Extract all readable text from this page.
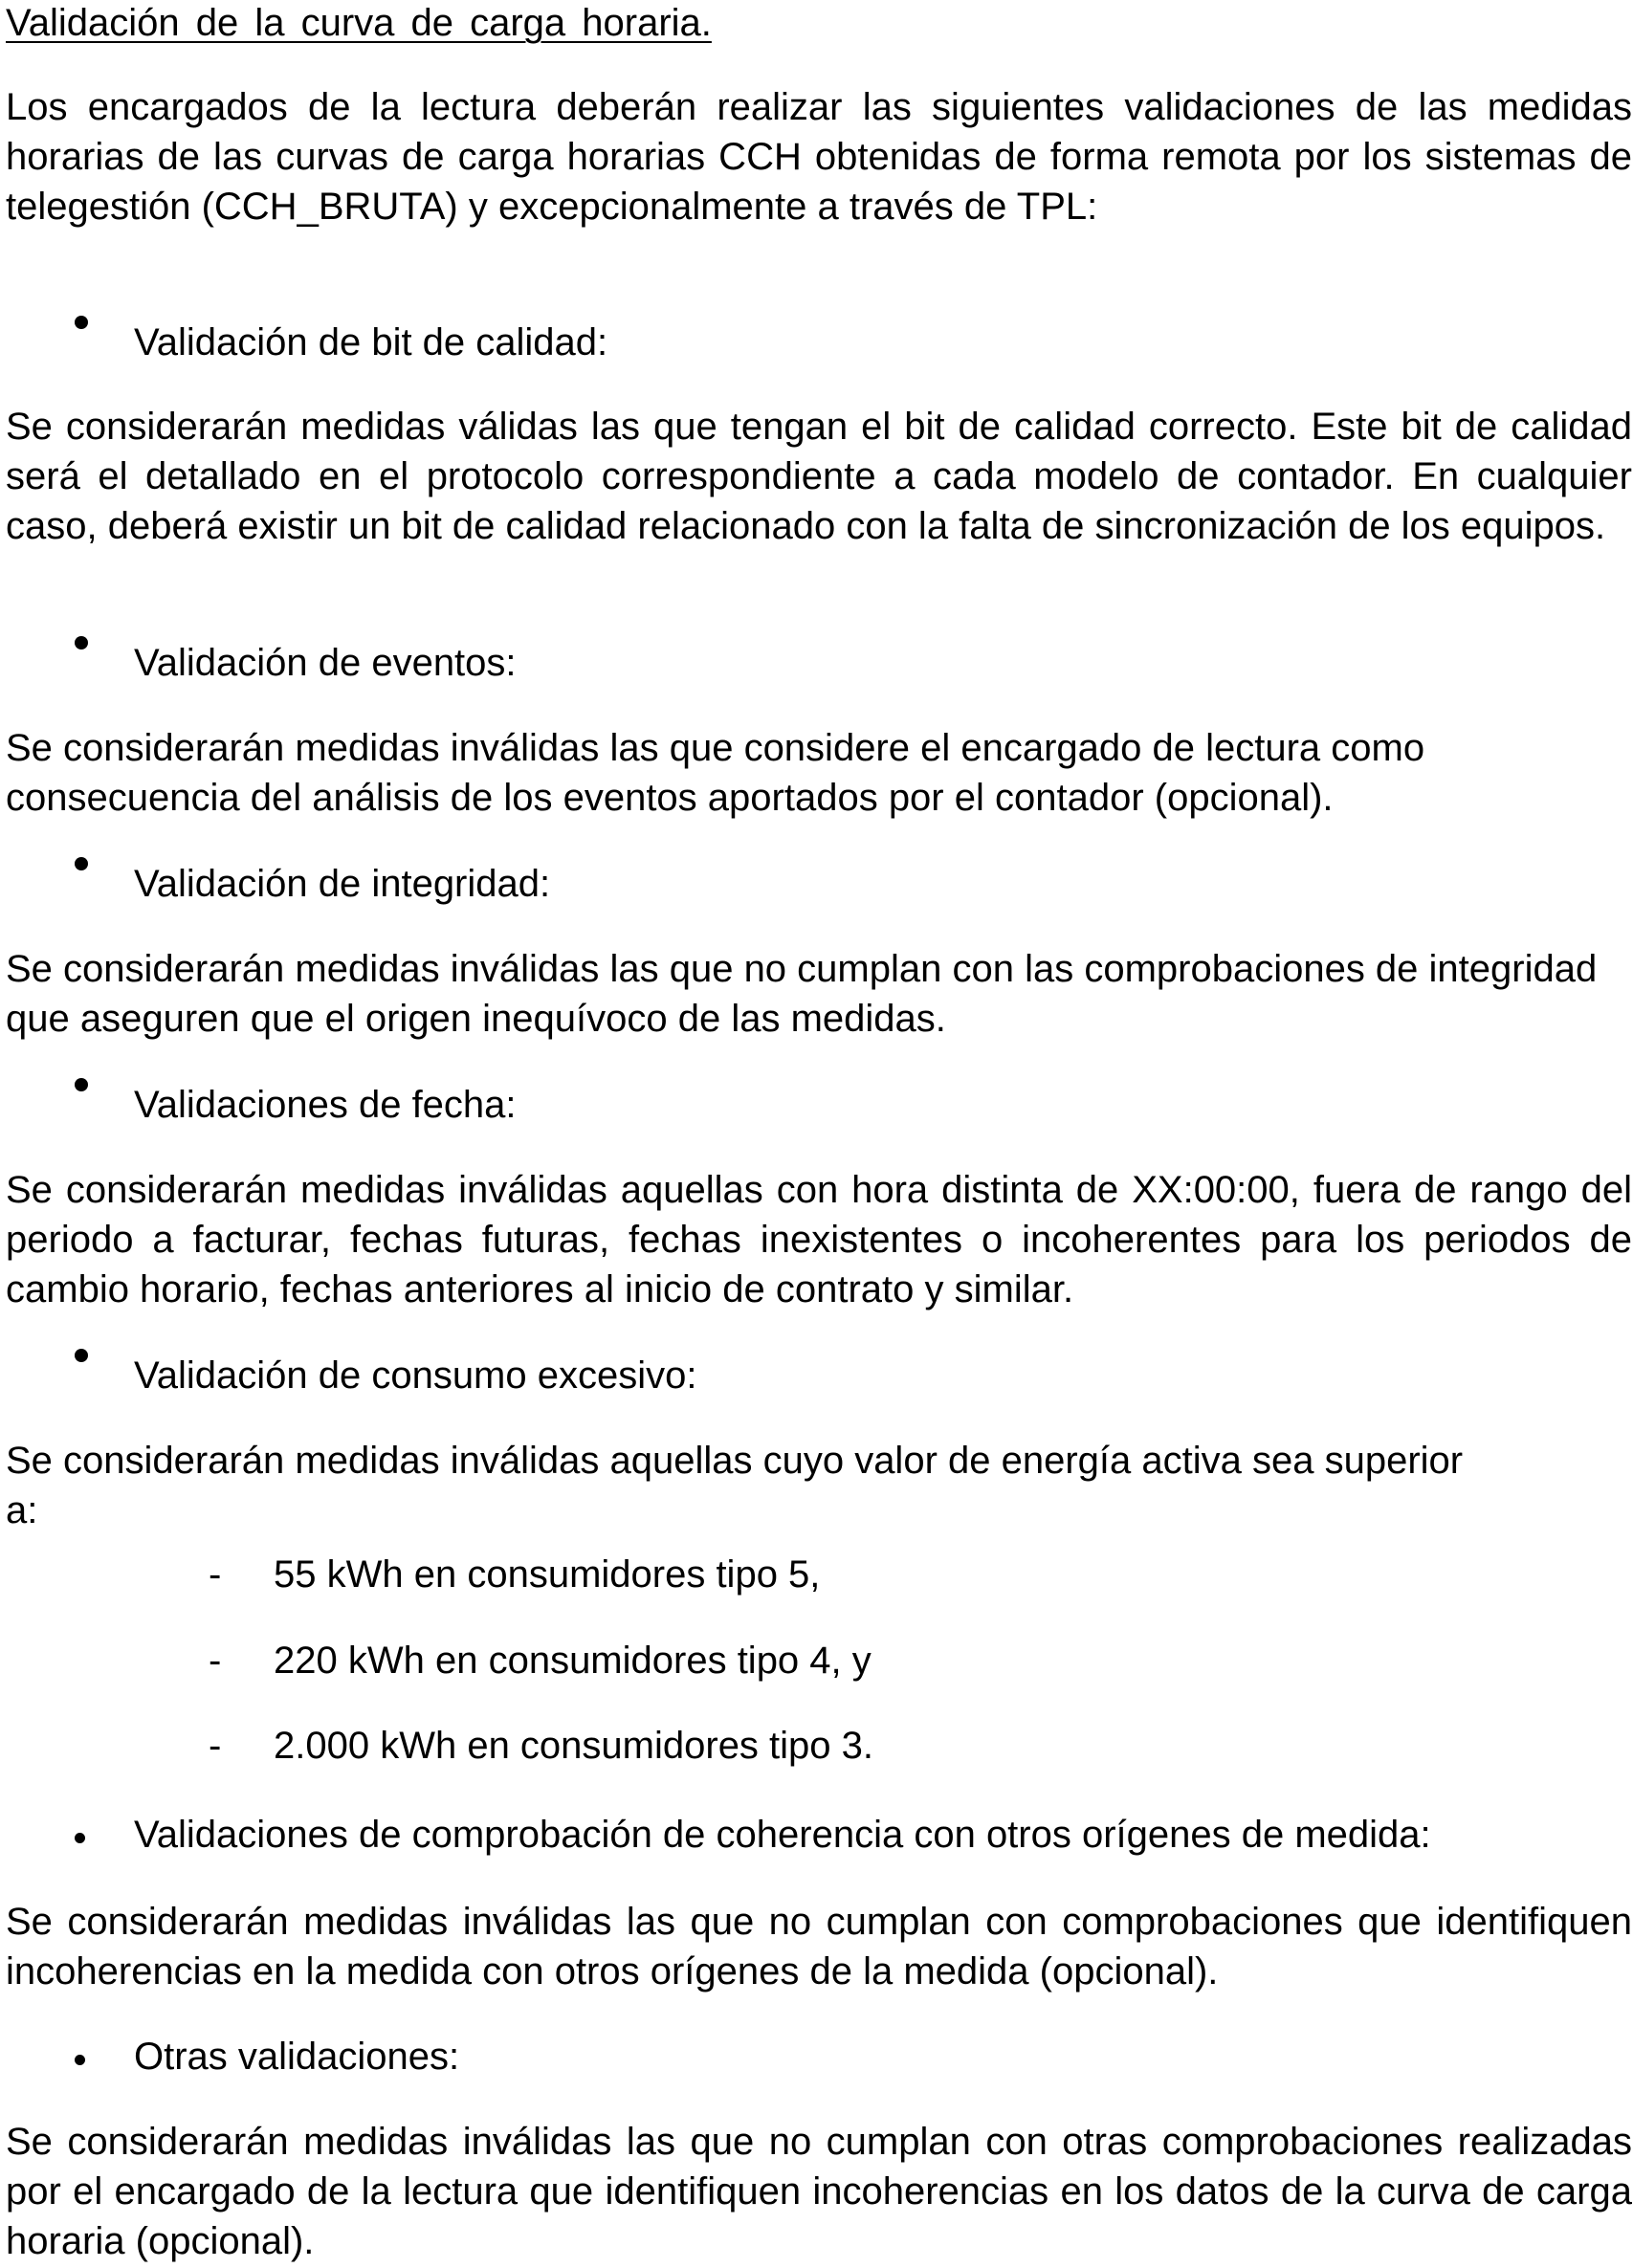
Validación de la curva de carga horaria.
Los encargados de la lectura deberán realizar las siguientes validaciones de las medidas horarias de las curvas de carga horarias CCH obtenidas de forma remota por los sistemas de telegestión (CCH_BRUTA) y excepcionalmente a través de TPL:
Validación de bit de calidad:
Se considerarán medidas válidas las que tengan el bit de calidad correcto. Este bit de calidad será el detallado en el protocolo correspondiente a cada modelo de contador. En cualquier caso, deberá existir un bit de calidad relacionado con la falta de sincronización de los equipos.
Validación de eventos:
Se considerarán medidas inválidas las que considere el encargado de lectura como consecuencia del análisis de los eventos aportados por el contador (opcional).
Validación de integridad:
Se considerarán medidas inválidas las que no cumplan con las comprobaciones de integridad que aseguren que el origen inequívoco de las medidas.
Validaciones de fecha:
Se considerarán medidas inválidas aquellas con hora distinta de XX:00:00, fuera de rango del periodo a facturar, fechas futuras, fechas inexistentes o incoherentes para los periodos de cambio horario, fechas anteriores al inicio de contrato y similar.
Validación de consumo excesivo:
Se considerarán medidas inválidas aquellas cuyo valor de energía activa sea superior a:
- 55 kWh en consumidores tipo 5,
- 220 kWh en consumidores tipo 4, y
- 2.000 kWh en consumidores tipo 3.
Validaciones de comprobación de coherencia con otros orígenes de medida:
Se considerarán medidas inválidas las que no cumplan con comprobaciones que identifiquen incoherencias en la medida con otros orígenes de la medida (opcional).
Otras validaciones:
Se considerarán medidas inválidas las que no cumplan con otras comprobaciones realizadas por el encargado de la lectura que identifiquen incoherencias en los datos de la curva de carga horaria (opcional).
